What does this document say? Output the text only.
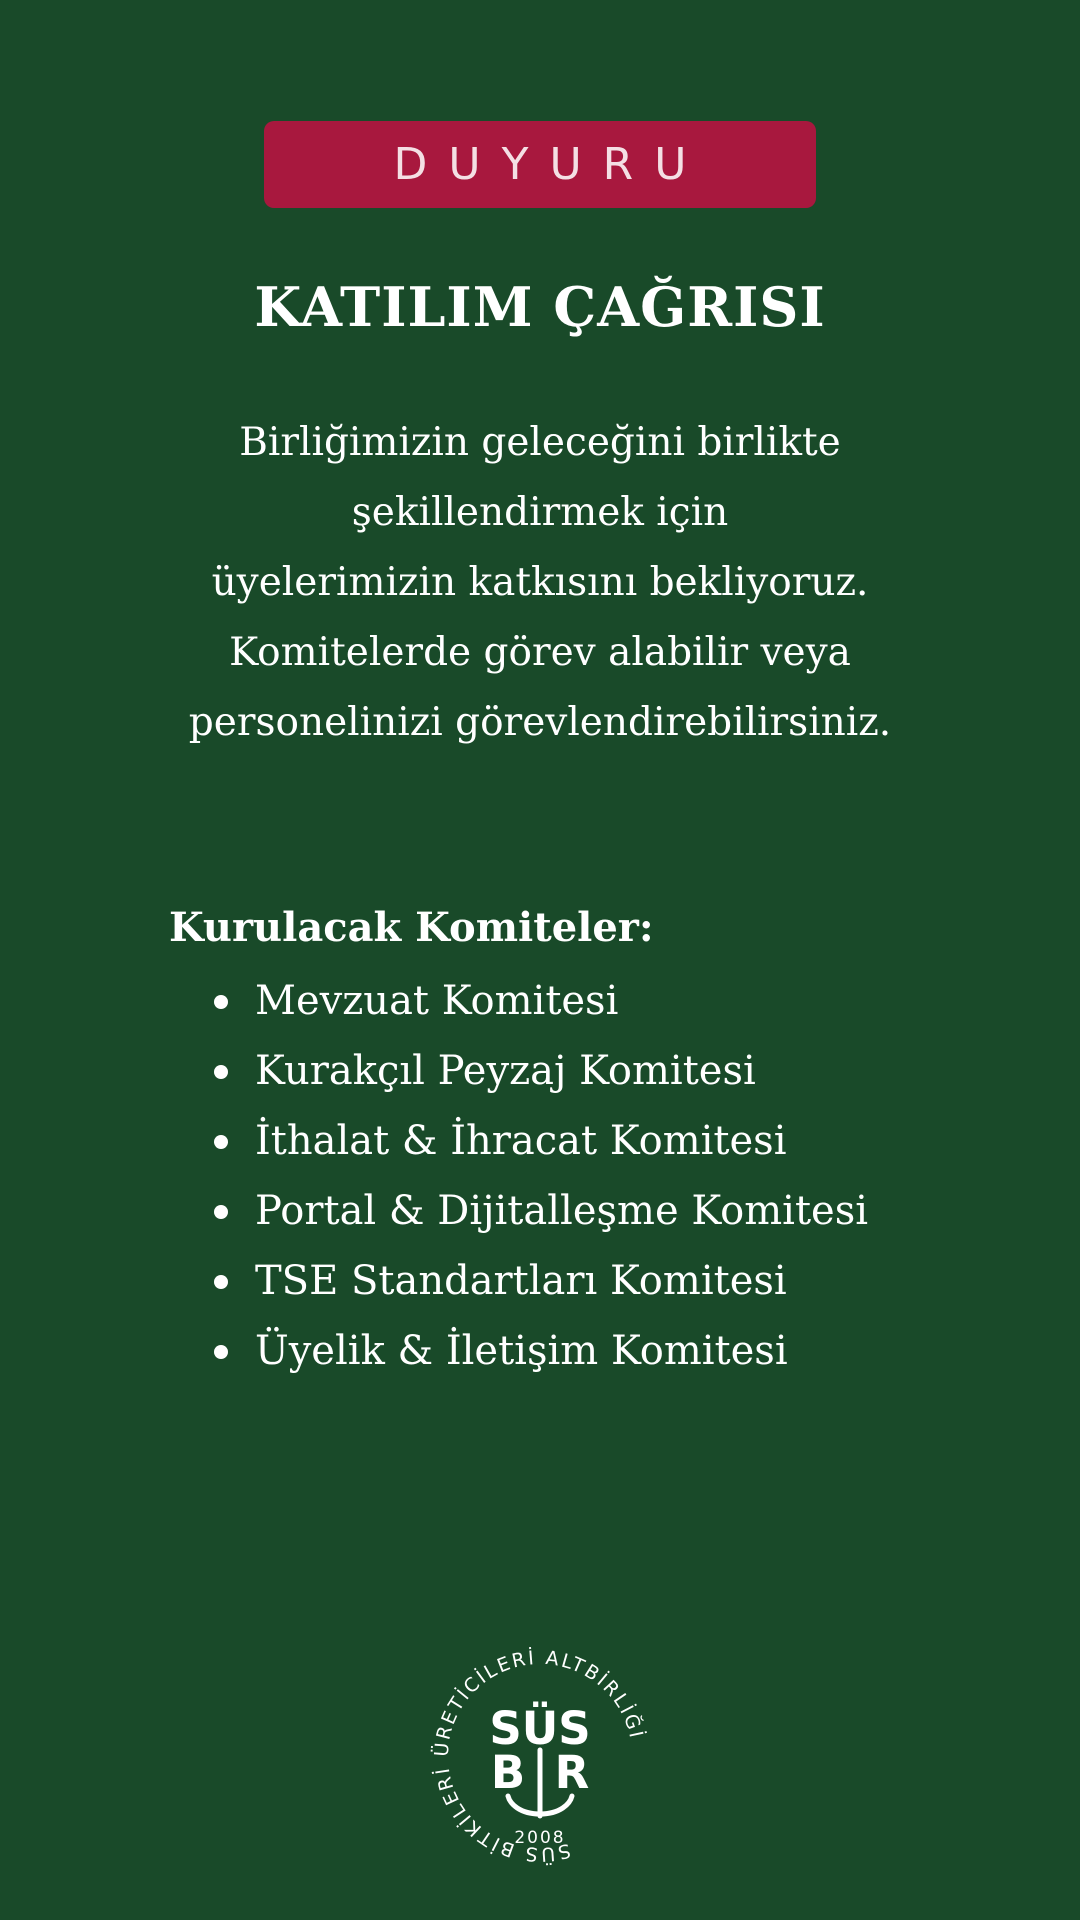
DUYURU
KATILIM ÇAĞRISI

Birliğimizin geleceğini birlikte
şekillendirmek için
üyelerimizin katkısını bekliyoruz.
Komitelerde görev alabilir veya
personelinizi görevlendirebilirsiniz.

Kurulacak Komiteler:
Mevzuat Komitesi
Kurakçıl Peyzaj Komitesi
İthalat & İhracat Komitesi
Portal & Dijitalleşme Komitesi
TSE Standartları Komitesi
Üyelik & İletişim Komitesi
SÜS BİTKİLERİ ÜRETİCİLERİ ALTBİRLİĞİ
SÜS
B R
2008
